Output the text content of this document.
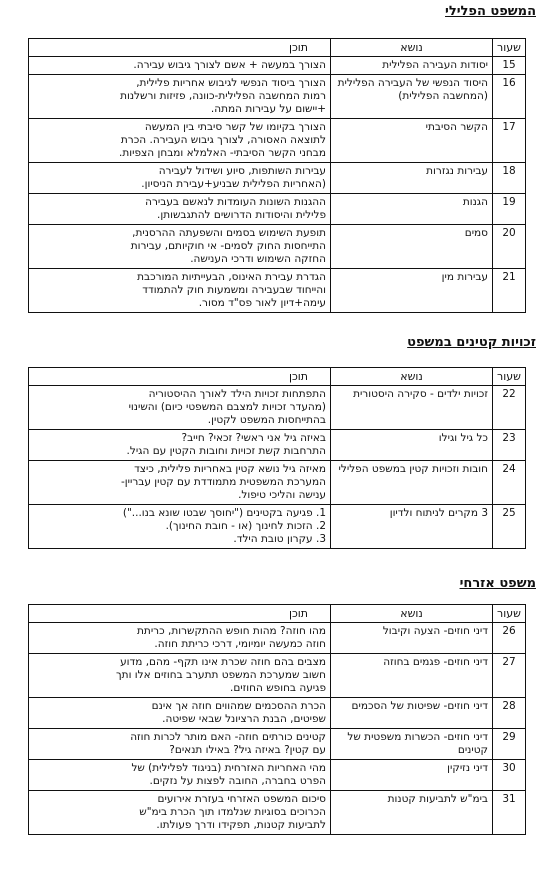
המשפט הפלילי
שעור	נושא	תוכן
15	יסודות העבירה הפלילית	הצורך במעשה + אשם לצורך גיבוש עבירה.
16	היסוד הנפשי של העבירה הפלילית (המחשבה הפלילית)	הצורך ביסוד הנפשי לגיבוש אחריות פלילית,
רמות המחשבה הפלילית-כוונה, פזיזות ורשלנות
+יישום על עבירות המתה.
17	הקשר הסיבתי	הצורך בקיומו של קשר סיבתי בין המעשה
לתוצאה האסורה, לצורך גיבוש העבירה. הכרת
מבחני הקשר הסיבתי- האלמלא ומבחן הצפיות.
18	עבירות נגזרות	עבירות השותפות, סיוע ושידול לעבירה
(האחריות הפלילית שבניע+עבירת הניסיון.
19	הגנות	ההגנות השונות העומדות לנאשם בעבירה
פלילית והיסודות הדרושים להתגבשותן.
20	סמים	תופעת השימוש בסמים והשפעתה ההרסנית,
התייחסות החוק לסמים- אי חוקיותם, עבירות
החזקה השימוש ודרכי הענישה.
21	עבירות מין	הגדרת עבירת האינוס, הבעייתיות המורכבת
והייחוד שבעבירה ומשמעות חוק להתמודד
עימה+דיון לאור פס"ד מסור.
זכויות קטינים במשפט
שעור	נושא	תוכן
22	זכויות ילדים - סקירה היסטורית	התפתחות זכויות הילד לאורך ההיסטוריה
(מהעדר זכויות למצבם המשפטי כיום) והשינוי
בהתייחסות המשפט לקטין.
23	כל גיל וגילו	באיזה גיל אני ראשי? זכאי? חייב?
התרחבות קשת זכויות וחובות הקטין עם הגיל.
24	חובות וזכויות קטין במשפט הפלילי	מאיזה גיל נושא קטין באחריות פלילית, כיצד
המערכת המשפטית מתמודדת עם קטין עבריין-
ענישה והליכי טיפול.
25	3 מקרים לניתוח ולדיון	1. פגיעה בקטינים ("יחוסך שבטו שונא בנו...")
2. הזכות לחינוך (או - חובת החינוך).
3. עקרון טובת הילד.
משפט אזרחי
שעור	נושא	תוכן
26	דיני חוזים- הצעה וקיבול	מהו חוזה? מהות חופש ההתקשרות, כריתת
חוזה כמעשה יומיומי, דרכי כריתת חוזה.
27	דיני חוזים- פגמים בחוזה	מצבים בהם חוזה שכרת אינו תקף- מהם, מדוע
חשוב שמערכת המשפט תתערב בחוזים אלו ותך
פגיעה בחופש החוזים.
28	דיני חוזים- שפיטות של הסכמים	הכרת ההסכמים שמהווים חוזה אך אינם
שפיטים, הבנת הרציונל שבאי שפיטה.
29	דיני חוזים- הכשרות משפטית של קטינים	קטינים כורתים חוזה- האם מותר לכרות חוזה
עם קטין? באיזה גיל? באילו תנאים?
30	דיני נזיקין	מהי האחריות האזרחית (בניגוד לפלילית) של
הפרט בחברה, החובה לפצות על נזקים.
31	בימ"ש לתביעות קטנות	סיכום המשפט האזרחי בעזרת אירועים
הכרוכים בסוגיות שנלמדו תוך הכרת בימ"ש
לתביעות קטנות, תפקידו ודרך פעולתו.
